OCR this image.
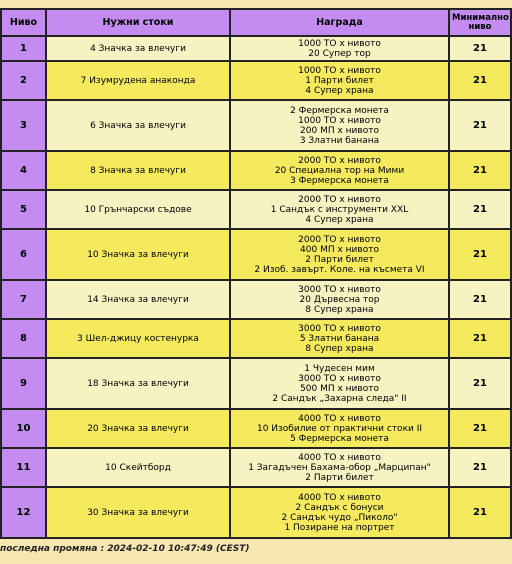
Ниво	Нужни стоки	Награда	Минимално
ниво
1	4 Значка за влечуги	1000 ТО x нивото
20 Супер тор	21
2	7 Изумрудена анаконда	1000 ТО x нивото
1 Парти билет
4 Супер храна	21
3	6 Значка за влечуги	2 Фермерска монета
1000 ТО x нивото
200 МП x нивото
3 Златни банана	21
4	8 Значка за влечуги	2000 ТО x нивото
20 Специална тор на Мими
3 Фермерска монета	21
5	10 Грънчарски съдове	2000 ТО x нивото
1 Сандък с инструменти XXL
4 Супер храна	21
6	10 Значка за влечуги	2000 ТО x нивото
400 МП x нивото
2 Парти билет
2 Изоб. завърт. Коле. на късмета VI	21
7	14 Значка за влечуги	3000 ТО x нивото
20 Дървесна тор
8 Супер храна	21
8	3 Шел-джицу костенурка	3000 ТО x нивото
5 Златни банана
8 Супер храна	21
9	18 Значка за влечуги	1 Чудесен мим
3000 ТО x нивото
500 МП x нивото
2 Сандък „Захарна следа" II	21
10	20 Значка за влечуги	4000 ТО x нивото
10 Изобилие от практични стоки II
5 Фермерска монета	21
11	10 Скейтборд	4000 ТО x нивото
1 Загадъчен Бахама-обор „Марципан"
2 Парти билет	21
12	30 Значка за влечуги	4000 ТО x нивото
2 Сандък с бонуси
2 Сандък чудо „Пиколо"
1 Позиране на портрет	21
последна промяна : 2024-02-10 10:47:49 (CEST)
